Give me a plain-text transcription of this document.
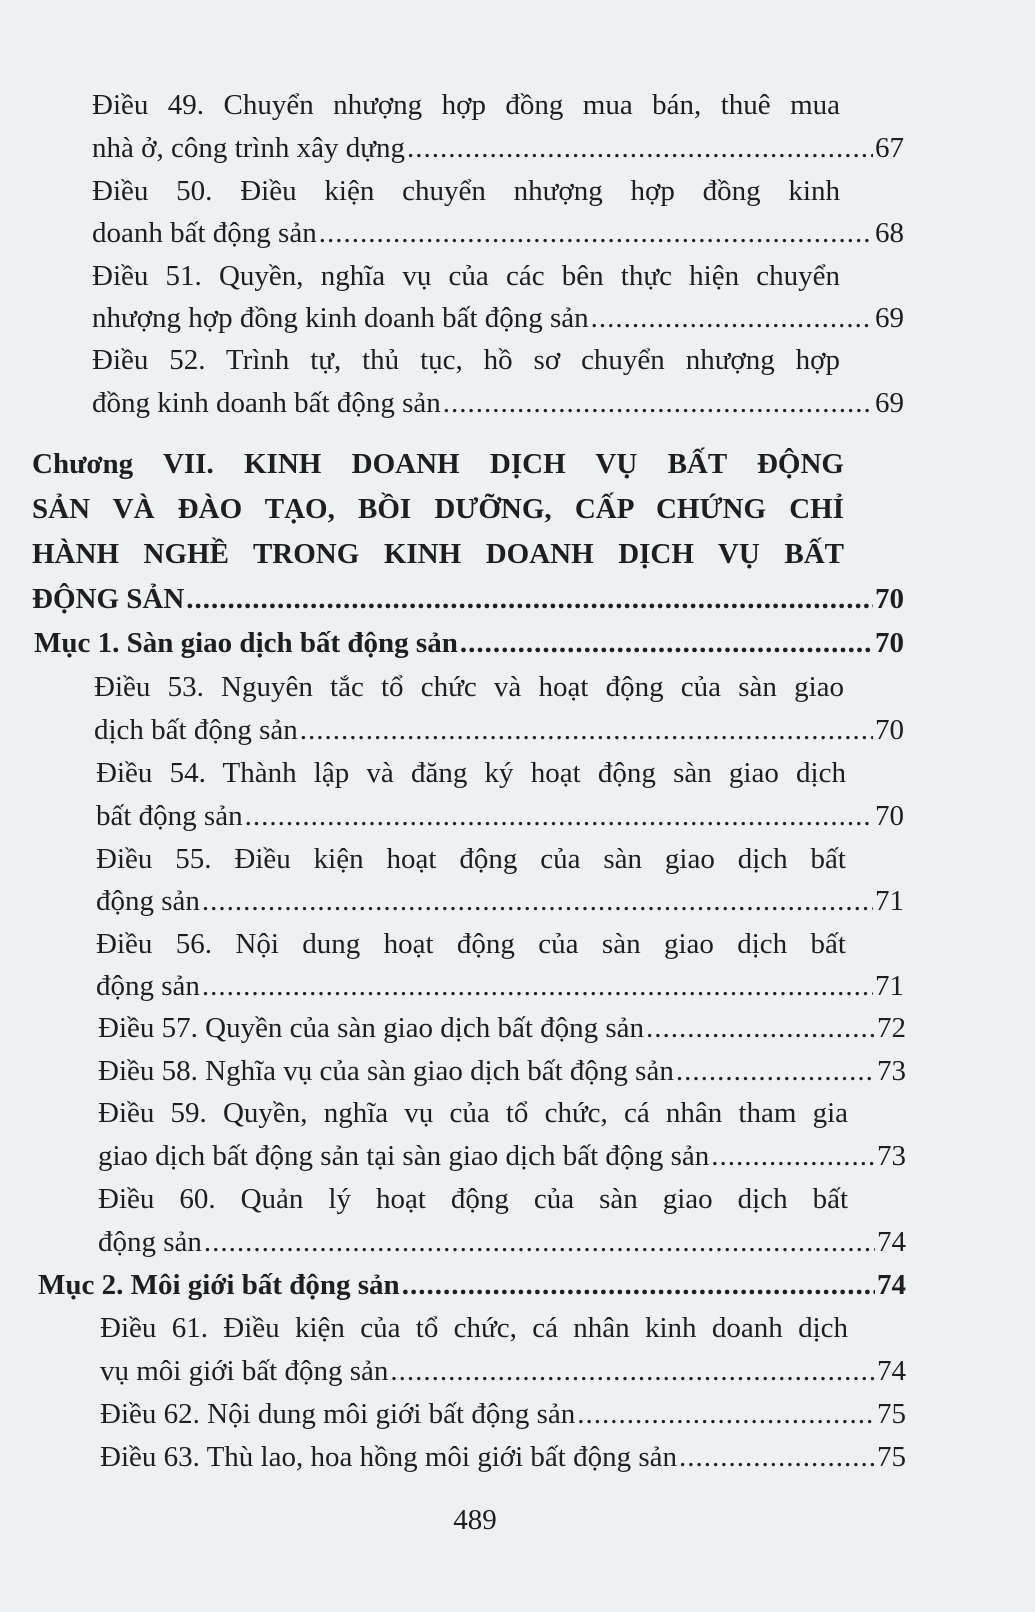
Điều 49. Chuyển nhượng hợp đồng mua bán, thuê mua
nhà ở, công trình xây dựng .....	67
Điều 50. Điều kiện chuyển nhượng hợp đồng kinh
doanh bất động sản .....	68
Điều 51. Quyền, nghĩa vụ của các bên thực hiện chuyển
nhượng hợp đồng kinh doanh bất động sản .....	69
Điều 52. Trình tự, thủ tục, hồ sơ chuyển nhượng hợp
đồng kinh doanh bất động sản .....	69
Chương VII. KINH DOANH DỊCH VỤ BẤT ĐỘNG
SẢN VÀ ĐÀO TẠO, BỒI DƯỠNG, CẤP CHỨNG CHỈ
HÀNH NGHỀ TRONG KINH DOANH DỊCH VỤ BẤT
ĐỘNG SẢN .....	70
Mục 1. Sàn giao dịch bất động sản .....	70
Điều 53. Nguyên tắc tổ chức và hoạt động của sàn giao
dịch bất động sản .....	70
Điều 54. Thành lập và đăng ký hoạt động sàn giao dịch
bất động sản .....	70
Điều 55. Điều kiện hoạt động của sàn giao dịch bất
động sản .....	71
Điều 56. Nội dung hoạt động của sàn giao dịch bất
động sản .....	71
Điều 57. Quyền của sàn giao dịch bất động sản .....	72
Điều 58. Nghĩa vụ của sàn giao dịch bất động sản .....	73
Điều 59. Quyền, nghĩa vụ của tổ chức, cá nhân tham gia
giao dịch bất động sản tại sàn giao dịch bất động sản .....	73
Điều 60. Quản lý hoạt động của sàn giao dịch bất
động sản .....	74
Mục 2. Môi giới bất động sản .....	74
Điều 61. Điều kiện của tổ chức, cá nhân kinh doanh dịch
vụ môi giới bất động sản .....	74
Điều 62. Nội dung môi giới bất động sản .....	75
Điều 63. Thù lao, hoa hồng môi giới bất động sản .....	75
489
